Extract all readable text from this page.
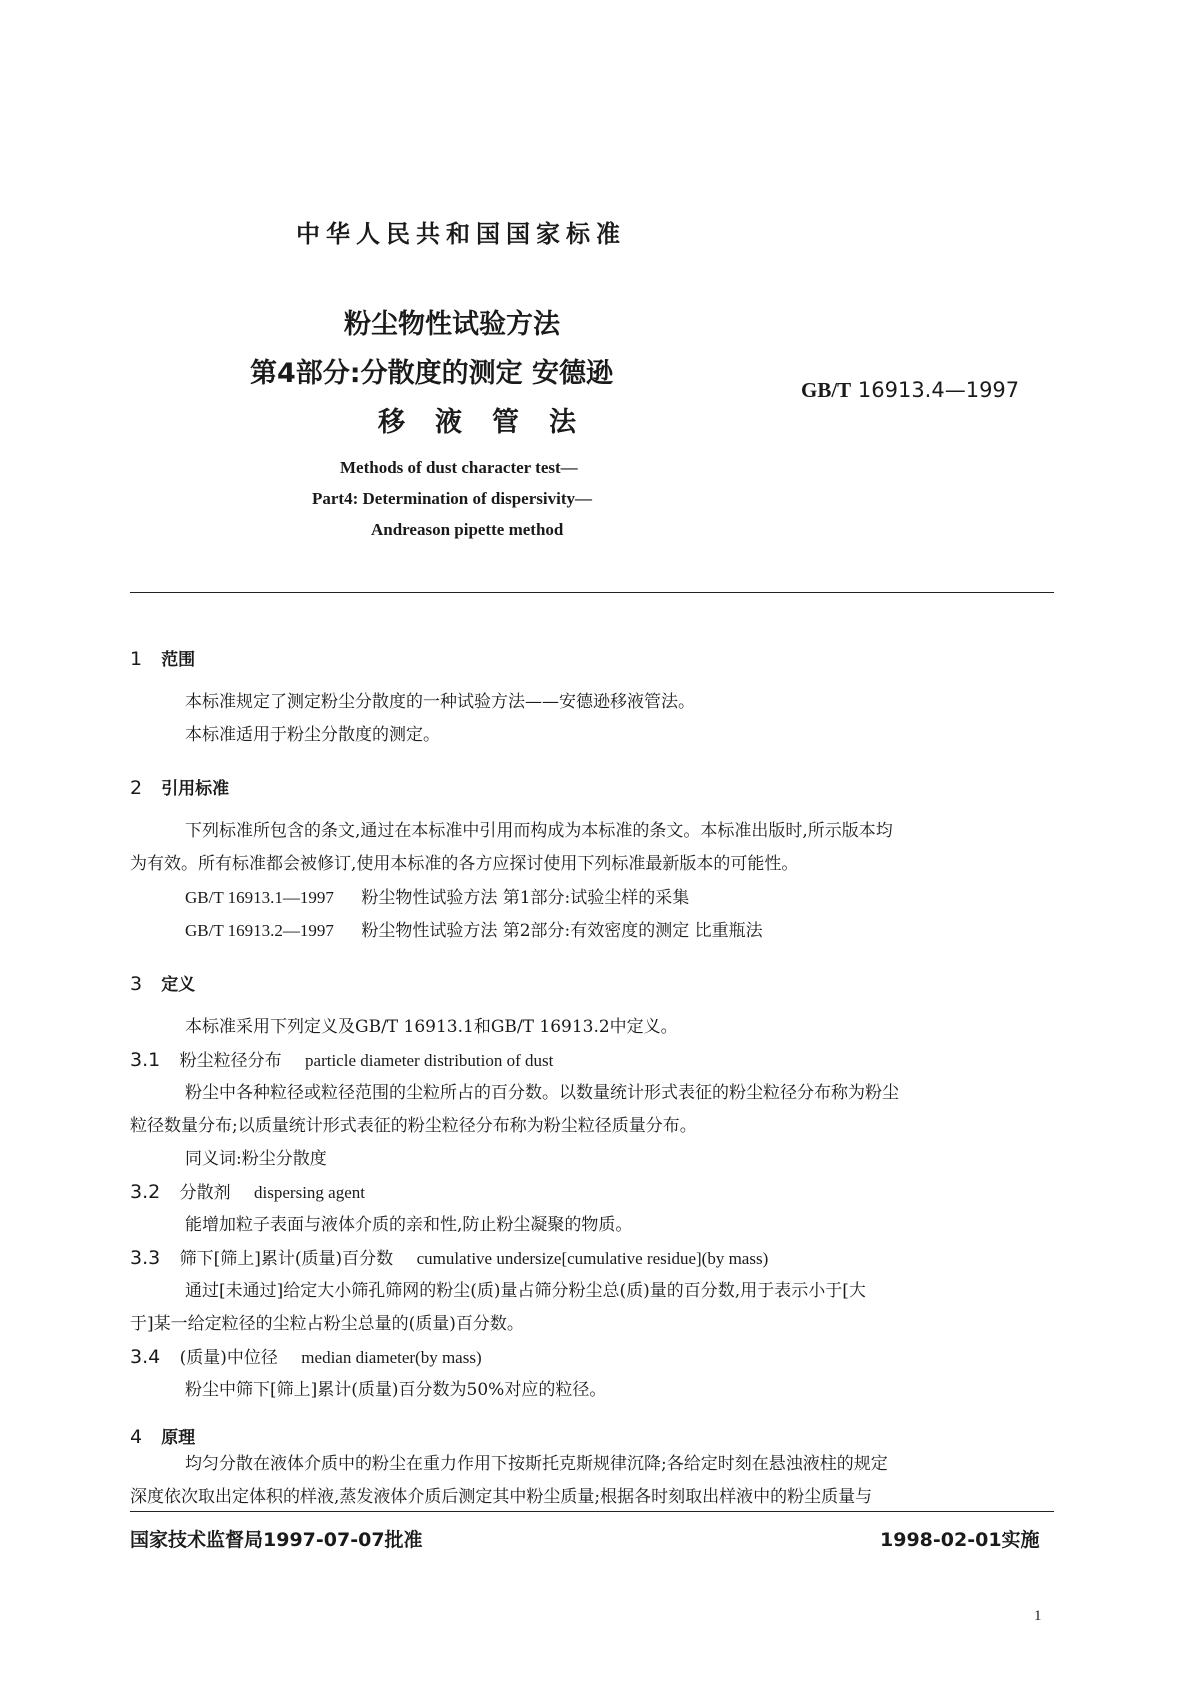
中华人民共和国国家标准
粉尘物性试验方法
第4部分:分散度的测定 安德逊
移液管法
GB/T 16913.4—1997
Methods of dust character test—
Part4: Determination of dispersivity—
Andreason pipette method
1 范围
本标准规定了测定粉尘分散度的一种试验方法——安德逊移液管法。
本标准适用于粉尘分散度的测定。
2 引用标准
下列标准所包含的条文,通过在本标准中引用而构成为本标准的条文。本标准出版时,所示版本均
为有效。所有标准都会被修订,使用本标准的各方应探讨使用下列标准最新版本的可能性。
GB/T 16913.1—1997 粉尘物性试验方法 第1部分:试验尘样的采集
GB/T 16913.2—1997 粉尘物性试验方法 第2部分:有效密度的测定 比重瓶法
3 定义
本标准采用下列定义及GB/T 16913.1和GB/T 16913.2中定义。
3.1 粉尘粒径分布 particle diameter distribution of dust
粉尘中各种粒径或粒径范围的尘粒所占的百分数。以数量统计形式表征的粉尘粒径分布称为粉尘
粒径数量分布;以质量统计形式表征的粉尘粒径分布称为粉尘粒径质量分布。
同义词:粉尘分散度
3.2 分散剂 dispersing agent
能增加粒子表面与液体介质的亲和性,防止粉尘凝聚的物质。
3.3 筛下[筛上]累计(质量)百分数 cumulative undersize[cumulative residue](by mass)
通过[未通过]给定大小筛孔筛网的粉尘(质)量占筛分粉尘总(质)量的百分数,用于表示小于[大
于]某一给定粒径的尘粒占粉尘总量的(质量)百分数。
3.4 (质量)中位径 median diameter(by mass)
粉尘中筛下[筛上]累计(质量)百分数为50%对应的粒径。
4 原理
均匀分散在液体介质中的粉尘在重力作用下按斯托克斯规律沉降;各给定时刻在悬浊液柱的规定
深度依次取出定体积的样液,蒸发液体介质后测定其中粉尘质量;根据各时刻取出样液中的粉尘质量与
国家技术监督局1997-07-07批准	1998-02-01实施
1
